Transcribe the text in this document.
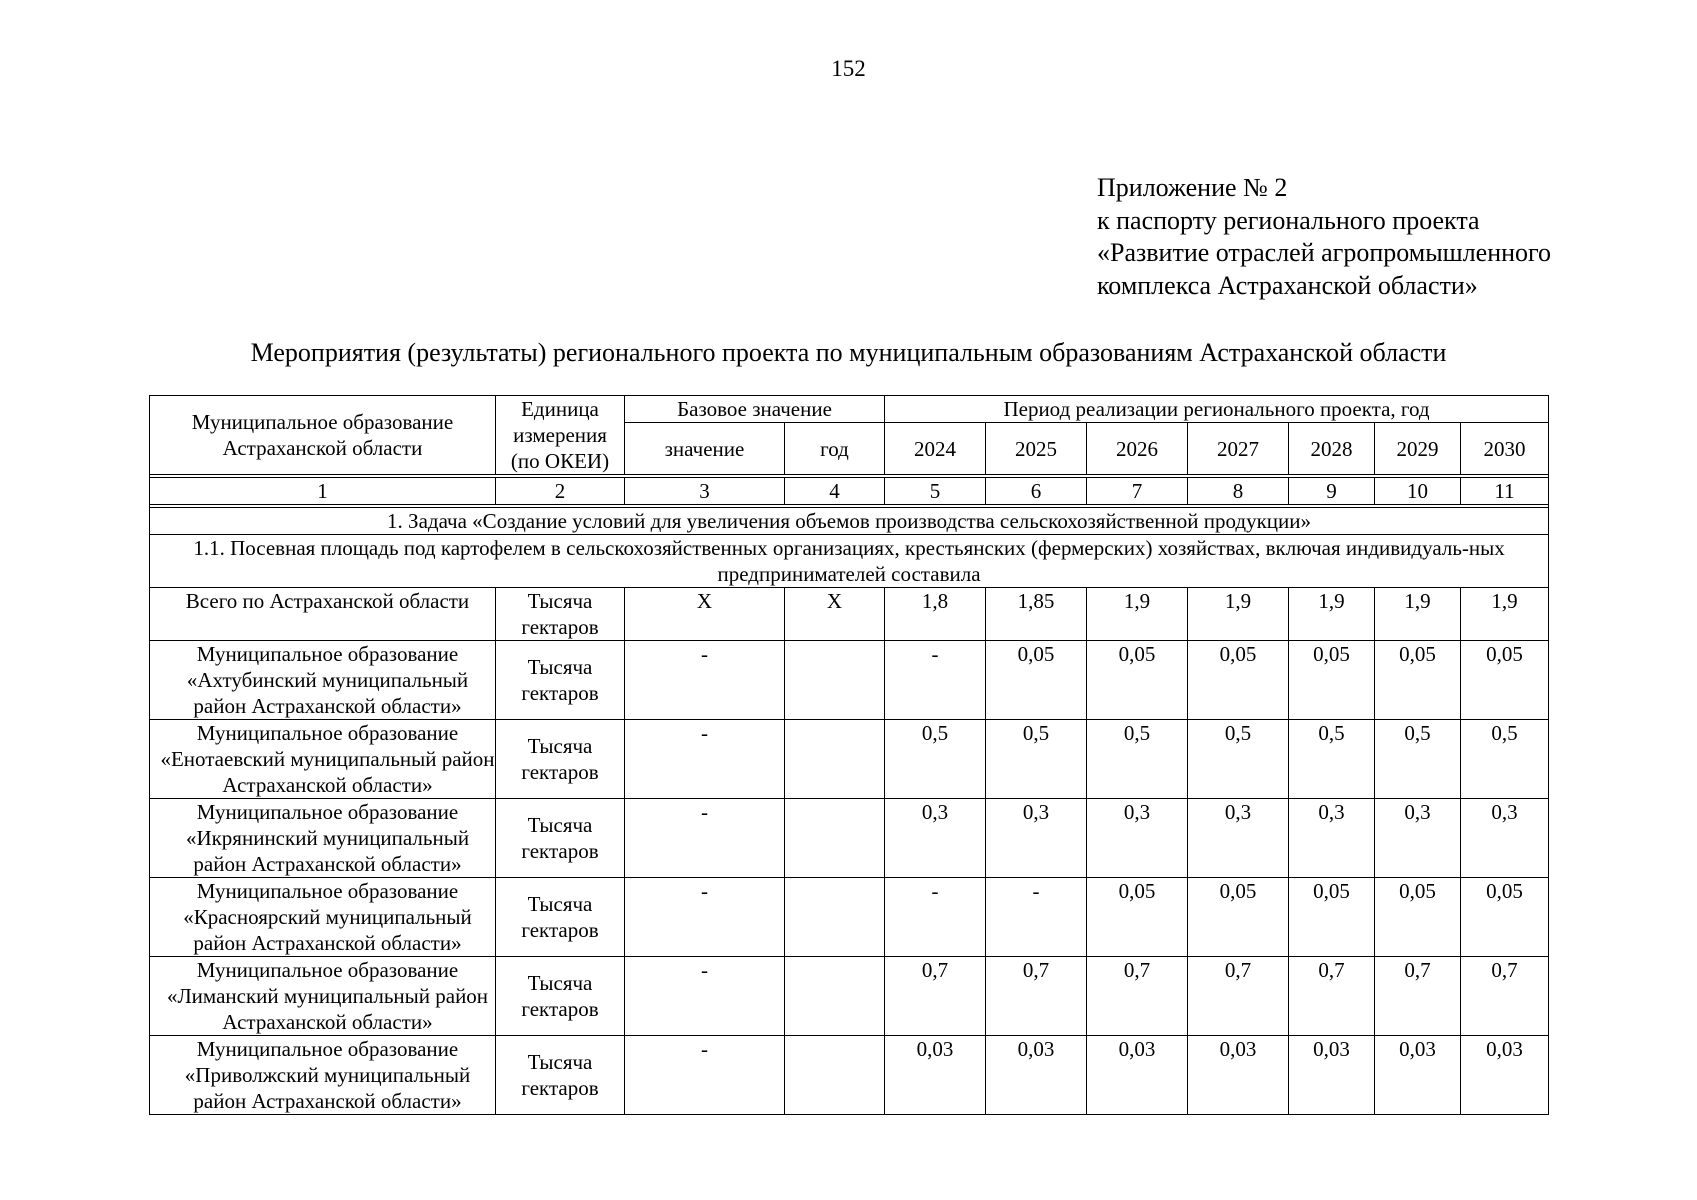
152
Приложение № 2
к паспорту регионального проекта
«Развитие отраслей агропромышленного
комплекса Астраханской области»
Мероприятия (результаты) регионального проекта по муниципальным образованиям Астраханской области
Муниципальное образование Астраханской области	Единица измерения (по ОКЕИ)	Базовое значение		Период реализации регионального проекта, год						
		значение	год	2024	2025	2026	2027	2028	2029	2030

1	2	3	4	5	6	7	8	9	10	11

1. Задача «Создание условий для увеличения объемов производства сельскохозяйственной продукции»										
1.1. Посевная площадь под картофелем в сельскохозяйственных организациях, крестьянских (фермерских) хозяйствах, включая индивидуаль-ных предпринимателей составила										
Всего по Астраханской области	Тысяча гектаров	X	X	1,8	1,85	1,9	1,9	1,9	1,9	1,9
Муниципальное образование «Ахтубинский муниципальный район Астраханской области»	Тысяча гектаров	-		-	0,05	0,05	0,05	0,05	0,05	0,05
Муниципальное образование «Енотаевский муниципальный район Астраханской области»	Тысяча гектаров	-		0,5	0,5	0,5	0,5	0,5	0,5	0,5
Муниципальное образование «Икрянинский муниципальный район Астраханской области»	Тысяча гектаров	-		0,3	0,3	0,3	0,3	0,3	0,3	0,3
Муниципальное образование «Красноярский муниципальный район Астраханской области»	Тысяча гектаров	-		-	-	0,05	0,05	0,05	0,05	0,05
Муниципальное образование «Лиманский муниципальный район Астраханской области»	Тысяча гектаров	-		0,7	0,7	0,7	0,7	0,7	0,7	0,7
Муниципальное образование «Приволжский муниципальный район Астраханской области»	Тысяча гектаров	-		0,03	0,03	0,03	0,03	0,03	0,03	0,03
